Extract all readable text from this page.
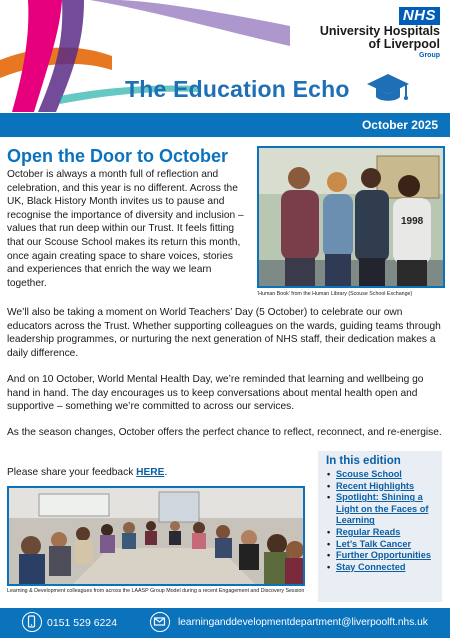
NHS
University Hospitals
of Liverpool
Group
The Education Echo
October 2025
Open the Door to October

October is always a month full of reflection and celebration, and this year is no different. Across the UK, Black History Month invites us to pause and recognise the importance of diversity and inclusion – values that run deep within our Trust. It feels fitting that our Scouse School makes its return this month, once again creating space to share voices, stories and experiences that enrich the way we learn together.

1998
‘Human Book’ from the Human Library (Scouse School Exchange)

We’ll also be taking a moment on World Teachers’ Day (5 October) to celebrate our own educators across the Trust. Whether supporting colleagues on the wards, guiding teams through leadership programmes, or nurturing the next generation of NHS staff, their dedication makes a daily difference.

And on 10 October, World Mental Health Day, we’re reminded that learning and wellbeing go hand in hand. The day encourages us to keep conversations about mental health open and supportive – something we’re committed to across our services.

As the season changes, October offers the perfect chance to reflect, reconnect, and re-energise.

Please share your feedback HERE.
Learning & Development colleagues from across the LAASP Group Model during a recent Engagement and Discovery Session
In this edition
• Scouse School
• Recent Highlights
• Spotlight: Shining a Light on the Faces of Learning
• Regular Reads
• Let’s Talk Cancer
• Further Opportunities
• Stay Connected
0151 529 6224	learninganddevelopmentdepartment@liverpoolft.nhs.uk
